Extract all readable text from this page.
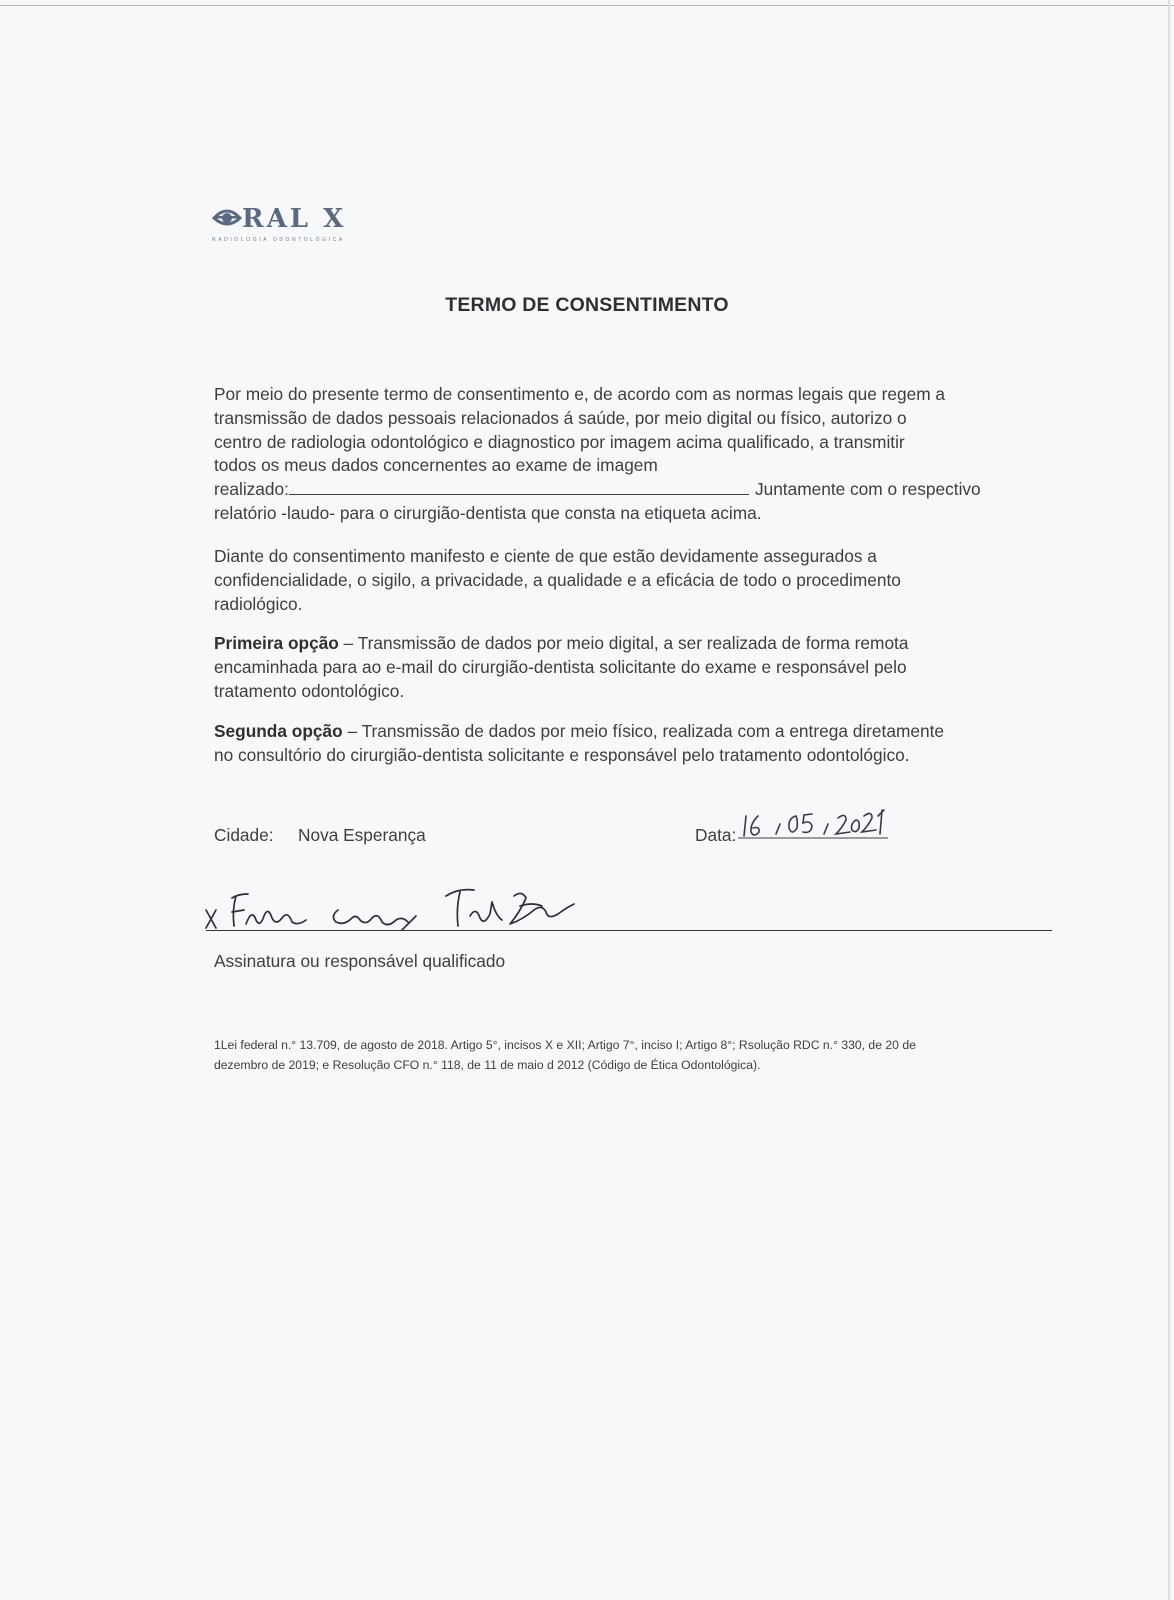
RAL X
RADIOLOGIA ODONTOLÓGICA
TERMO DE CONSENTIMENTO

Por meio do presente termo de consentimento e, de acordo com as normas legais que regem a
transmissão de dados pessoais relacionados á saúde, por meio digital ou físico, autorizo o
centro de radiologia odontológico e diagnostico por imagem acima qualificado, a transmitir
todos os meus dados concernentes ao exame de imagem
realizado:	Juntamente com o respectivo
relatório -laudo- para o cirurgião-dentista que consta na etiqueta acima.

Diante do consentimento manifesto e ciente de que estão devidamente assegurados a
confidencialidade, o sigilo, a privacidade, a qualidade e a eficácia de todo o procedimento
radiológico.

Primeira opção – Transmissão de dados por meio digital, a ser realizada de forma remota
encaminhada para ao e-mail do cirurgião-dentista solicitante do exame e responsável pelo
tratamento odontológico.

Segunda opção – Transmissão de dados por meio físico, realizada com a entrega diretamente
no consultório do cirurgião-dentista solicitante e responsável pelo tratamento odontológico.

Cidade: Nova Esperança	Data:
Assinatura ou responsável qualificado
1Lei federal n.° 13.709, de agosto de 2018. Artigo 5°, incisos X e XII; Artigo 7°, inciso I; Artigo 8°; Rsolução RDC n.° 330, de 20 de
dezembro de 2019; e Resolução CFO n.° 118, de 11 de maio d 2012 (Código de Ética Odontológica).
